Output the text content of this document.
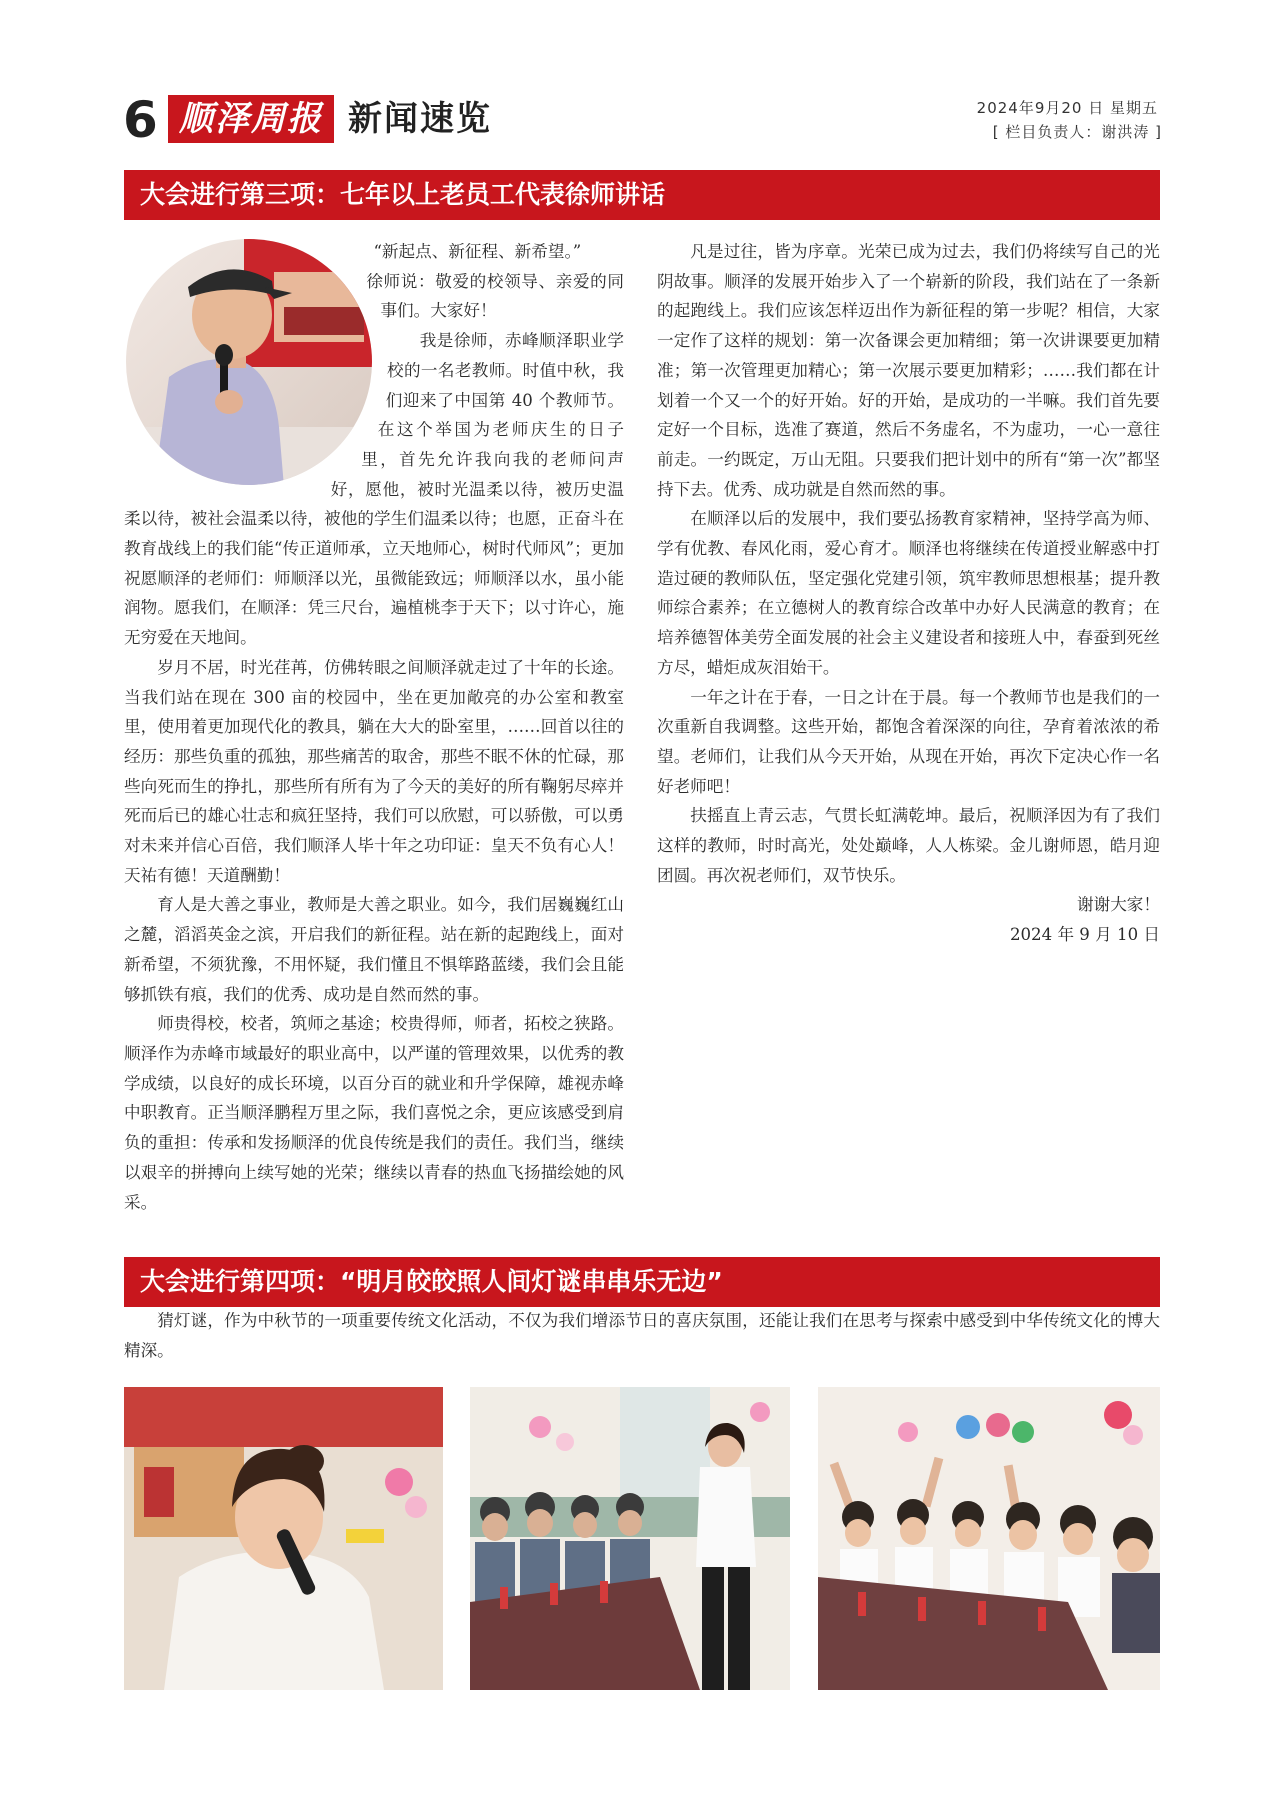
6 顺泽周报 新闻速览	2024年9月20 日 星期五
[ 栏目负责人：谢洪涛 ]
大会进行第三项：七年以上老员工代表徐师讲话

“新起点、新征程、新希望。”

徐师说：敬爱的校领导、亲爱的同事们。大家好！

我是徐师，赤峰顺泽职业学校的一名老教师。时值中秋，我们迎来了中国第 40 个教师节。在这个举国为老师庆生的日子里，首先允许我向我的老师问声好，愿他，被时光温柔以待，被历史温柔以待，被社会温柔以待，被他的学生们温柔以待；也愿，正奋斗在教育战线上的我们能“传正道师承，立天地师心，树时代师风”；更加祝愿顺泽的老师们：师顺泽以光，虽微能致远；师顺泽以水，虽小能润物。愿我们，在顺泽：凭三尺台，遍植桃李于天下；以寸许心，施无穷爱在天地间。

岁月不居，时光荏苒，仿佛转眼之间顺泽就走过了十年的长途。当我们站在现在 300 亩的校园中，坐在更加敞亮的办公室和教室里，使用着更加现代化的教具，躺在大大的卧室里，……回首以往的经历：那些负重的孤独，那些痛苦的取舍，那些不眠不休的忙碌，那些向死而生的挣扎，那些所有所有为了今天的美好的所有鞠躬尽瘁并死而后已的雄心壮志和疯狂坚持，我们可以欣慰，可以骄傲，可以勇对未来并信心百倍，我们顺泽人毕十年之功印证：皇天不负有心人！天祐有德！天道酬勤！

育人是大善之事业，教师是大善之职业。如今，我们居巍巍红山之麓，滔滔英金之滨，开启我们的新征程。站在新的起跑线上，面对新希望，不须犹豫，不用怀疑，我们懂且不惧筚路蓝缕，我们会且能够抓铁有痕，我们的优秀、成功是自然而然的事。

师贵得校，校者，筑师之基途；校贵得师，师者，拓校之狭路。顺泽作为赤峰市域最好的职业高中，以严谨的管理效果，以优秀的教学成绩，以良好的成长环境，以百分百的就业和升学保障，雄视赤峰中职教育。正当顺泽鹏程万里之际，我们喜悦之余，更应该感受到肩负的重担：传承和发扬顺泽的优良传统是我们的责任。我们当，继续以艰辛的拼搏向上续写她的光荣；继续以青春的热血飞扬描绘她的风采。

凡是过往，皆为序章。光荣已成为过去，我们仍将续写自己的光阴故事。顺泽的发展开始步入了一个崭新的阶段，我们站在了一条新的起跑线上。我们应该怎样迈出作为新征程的第一步呢？相信，大家一定作了这样的规划：第一次备课会更加精细；第一次讲课要更加精准；第一次管理更加精心；第一次展示要更加精彩；……我们都在计划着一个又一个的好开始。好的开始，是成功的一半嘛。我们首先要定好一个目标，选准了赛道，然后不务虚名，不为虚功，一心一意往前走。一约既定，万山无阻。只要我们把计划中的所有“第一次”都坚持下去。优秀、成功就是自然而然的事。

在顺泽以后的发展中，我们要弘扬教育家精神，坚持学高为师、学有优教、春风化雨，爱心育才。顺泽也将继续在传道授业解惑中打造过硬的教师队伍，坚定强化党建引领，筑牢教师思想根基；提升教师综合素养；在立德树人的教育综合改革中办好人民满意的教育；在培养德智体美劳全面发展的社会主义建设者和接班人中，春蚕到死丝方尽，蜡炬成灰泪始干。

一年之计在于春，一日之计在于晨。每一个教师节也是我们的一次重新自我调整。这些开始，都饱含着深深的向往，孕育着浓浓的希望。老师们，让我们从今天开始，从现在开始，再次下定决心作一名好老师吧！

扶摇直上青云志，气贯长虹满乾坤。最后，祝顺泽因为有了我们这样的教师，时时高光，处处巅峰，人人栋梁。金儿谢师恩，皓月迎团圆。再次祝老师们，双节快乐。

谢谢大家！

2024 年 9 月 10 日

大会进行第四项：“明月皎皎照人间灯谜串串乐无边”
猜灯谜，作为中秋节的一项重要传统文化活动，不仅为我们增添节日的喜庆氛围，还能让我们在思考与探索中感受到中华传统文化的博大精深。
